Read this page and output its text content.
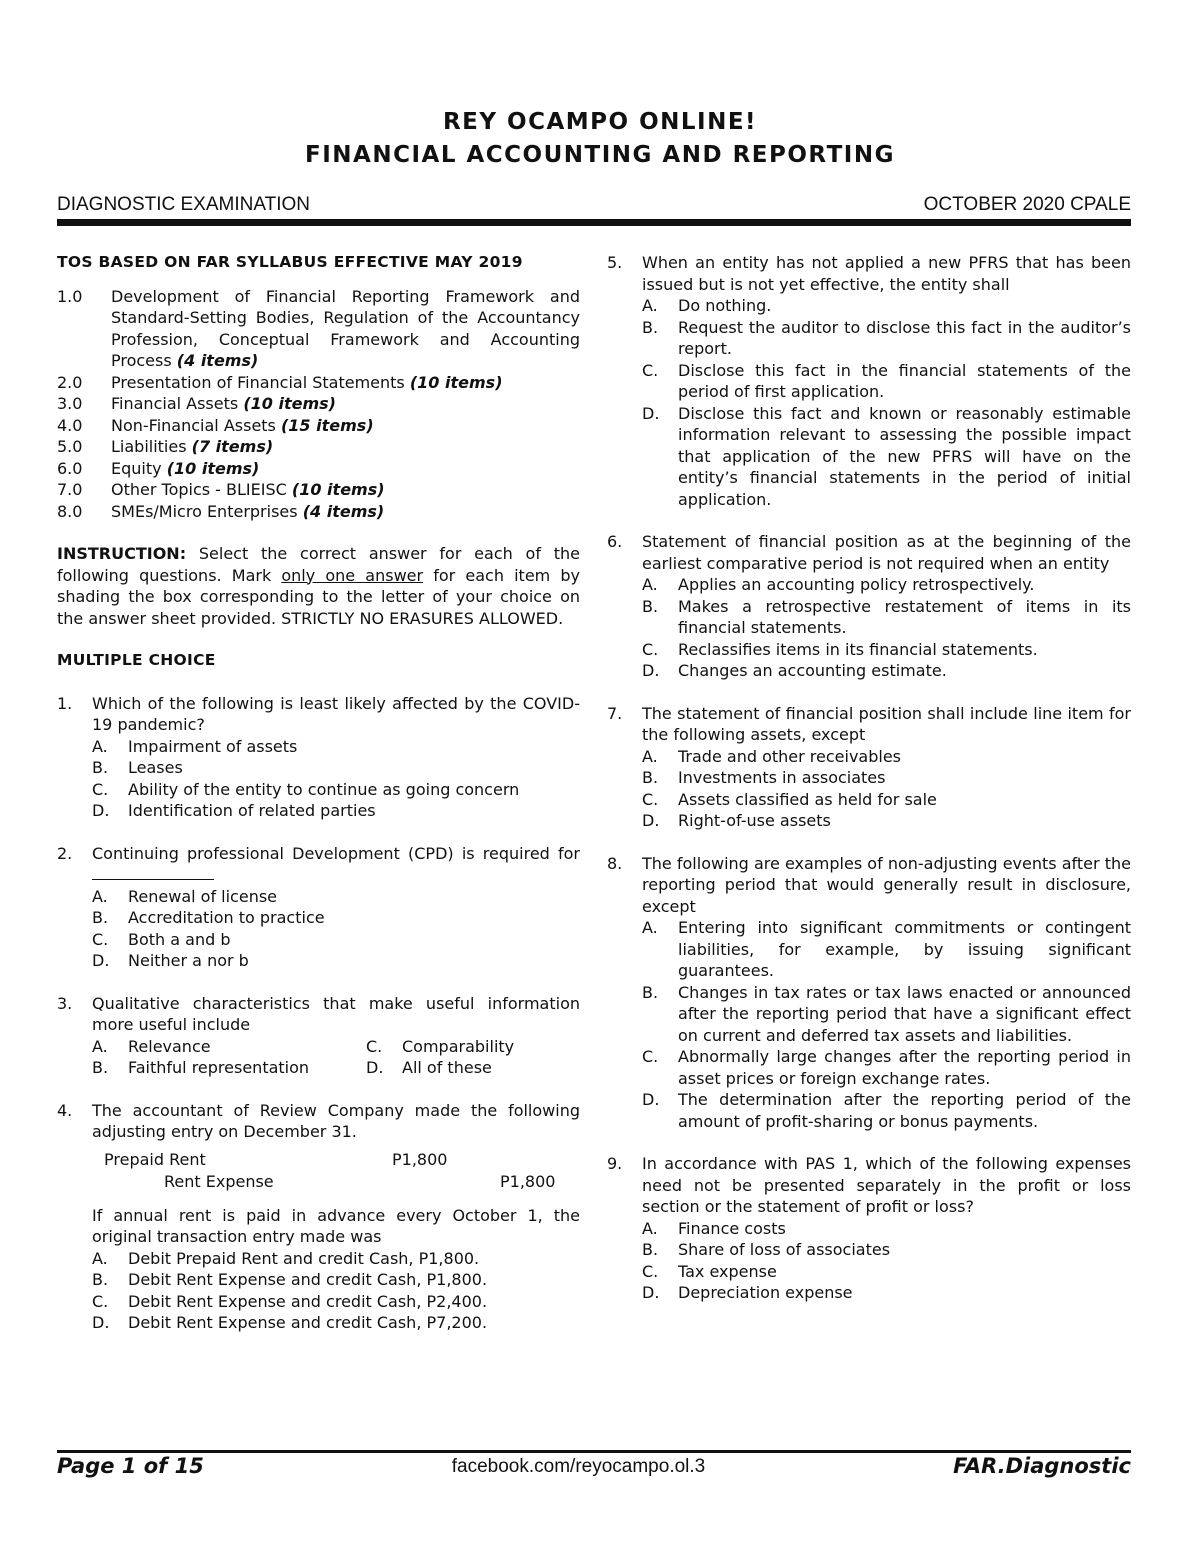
REY OCAMPO ONLINE!
FINANCIAL ACCOUNTING AND REPORTING
DIAGNOSTIC EXAMINATION	OCTOBER 2020 CPALE
TOS BASED ON FAR SYLLABUS EFFECTIVE MAY 2019
1.0	Development of Financial Reporting Framework and Standard-Setting Bodies, Regulation of the Accountancy Profession, Conceptual Framework and Accounting Process (4 items)
2.0	Presentation of Financial Statements (10 items)
3.0	Financial Assets (10 items)
4.0	Non-Financial Assets (15 items)
5.0	Liabilities (7 items)
6.0	Equity (10 items)
7.0	Other Topics - BLIEISC (10 items)
8.0	SMEs/Micro Enterprises (4 items)
INSTRUCTION: Select the correct answer for each of the following questions. Mark only one answer for each item by shading the box corresponding to the letter of your choice on the answer sheet provided. STRICTLY NO ERASURES ALLOWED.
MULTIPLE CHOICE
1.	Which of the following is least likely affected by the COVID-19 pandemic?
A.	Impairment of assets
B.	Leases
C.	Ability of the entity to continue as going concern
D.	Identification of related parties
2.	Continuing professional Development (CPD) is required for
A.	Renewal of license
B.	Accreditation to practice
C.	Both a and b
D.	Neither a nor b
3.	Qualitative characteristics that make useful information more useful include
A.	Relevance	C.	Comparability
B.	Faithful representation	D.	All of these
4.	The accountant of Review Company made the following adjusting entry on December 31.
Prepaid Rent	P1,800
Rent Expense	P1,800
If annual rent is paid in advance every October 1, the original transaction entry made was
A.	Debit Prepaid Rent and credit Cash, P1,800.
B.	Debit Rent Expense and credit Cash, P1,800.
C.	Debit Rent Expense and credit Cash, P2,400.
D.	Debit Rent Expense and credit Cash, P7,200.
5.	When an entity has not applied a new PFRS that has been issued but is not yet effective, the entity shall
A.	Do nothing.
B.	Request the auditor to disclose this fact in the auditor’s report.
C.	Disclose this fact in the financial statements of the period of first application.
D.	Disclose this fact and known or reasonably estimable information relevant to assessing the possible impact that application of the new PFRS will have on the entity’s financial statements in the period of initial application.
6.	Statement of financial position as at the beginning of the earliest comparative period is not required when an entity
A.	Applies an accounting policy retrospectively.
B.	Makes a retrospective restatement of items in its financial statements.
C.	Reclassifies items in its financial statements.
D.	Changes an accounting estimate.
7.	The statement of financial position shall include line item for the following assets, except
A.	Trade and other receivables
B.	Investments in associates
C.	Assets classified as held for sale
D.	Right-of-use assets
8.	The following are examples of non-adjusting events after the reporting period that would generally result in disclosure, except
A.	Entering into significant commitments or contingent liabilities, for example, by issuing significant guarantees.
B.	Changes in tax rates or tax laws enacted or announced after the reporting period that have a significant effect on current and deferred tax assets and liabilities.
C.	Abnormally large changes after the reporting period in asset prices or foreign exchange rates.
D.	The determination after the reporting period of the amount of profit-sharing or bonus payments.
9.	In accordance with PAS 1, which of the following expenses need not be presented separately in the profit or loss section or the statement of profit or loss?
A.	Finance costs
B.	Share of loss of associates
C.	Tax expense
D.	Depreciation expense
Page 1 of 15	facebook.com/reyocampo.ol.3	FAR.Diagnostic
